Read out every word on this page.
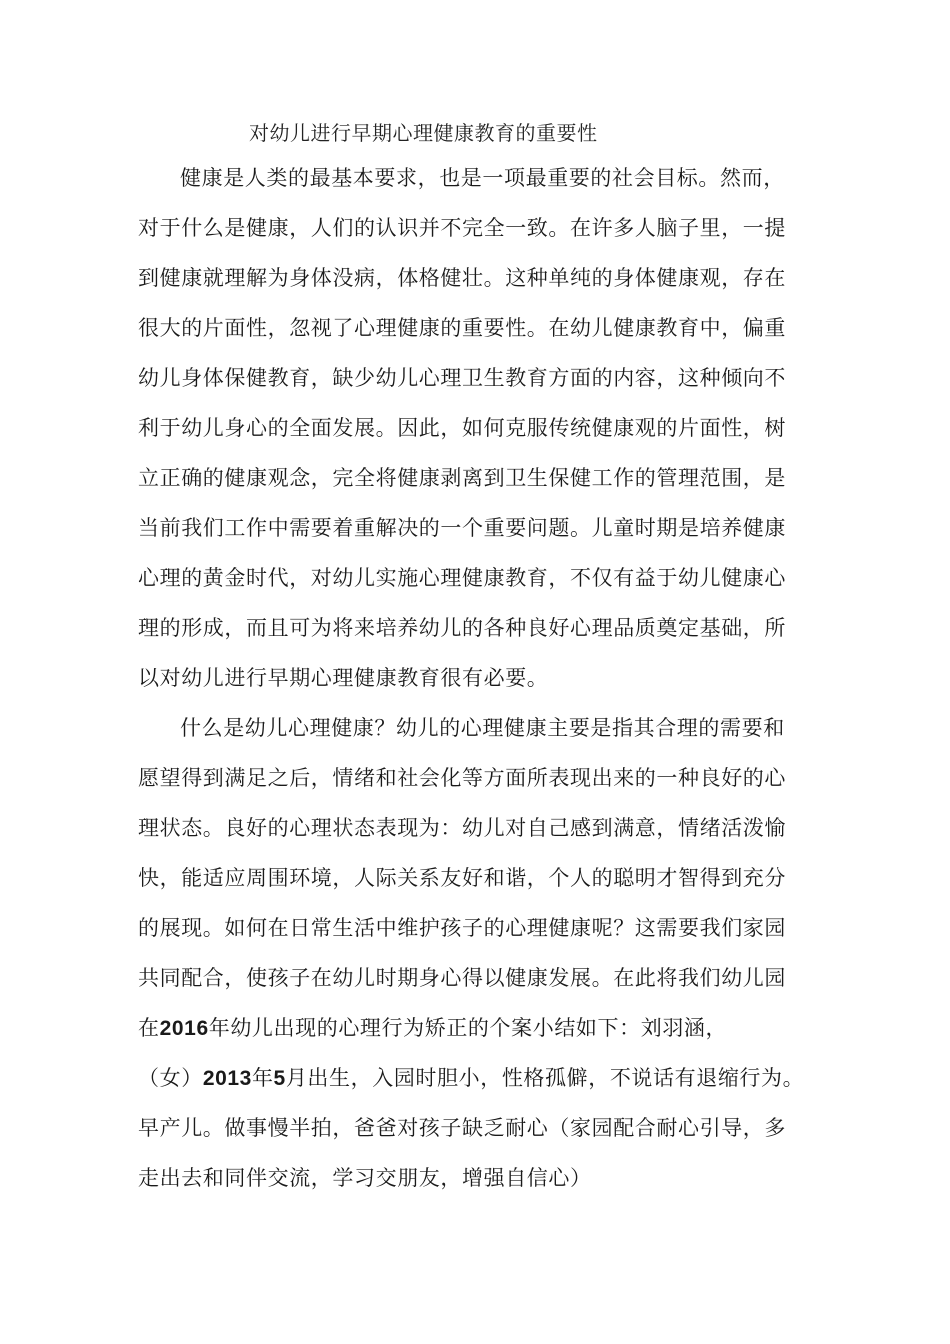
对幼儿进行早期心理健康教育的重要性
健康是人类的最基本要求，也是一项最重要的社会目标。然而，
对于什么是健康，人们的认识并不完全一致。在许多人脑子里，一提
到健康就理解为身体没病，体格健壮。这种单纯的身体健康观，存在
很大的片面性，忽视了心理健康的重要性。在幼儿健康教育中，偏重
幼儿身体保健教育，缺少幼儿心理卫生教育方面的内容，这种倾向不
利于幼儿身心的全面发展。因此，如何克服传统健康观的片面性，树
立正确的健康观念，完全将健康剥离到卫生保健工作的管理范围，是
当前我们工作中需要着重解决的一个重要问题。儿童时期是培养健康
心理的黄金时代，对幼儿实施心理健康教育，不仅有益于幼儿健康心
理的形成，而且可为将来培养幼儿的各种良好心理品质奠定基础，所
以对幼儿进行早期心理健康教育很有必要。
什么是幼儿心理健康？幼儿的心理健康主要是指其合理的需要和
愿望得到满足之后，情绪和社会化等方面所表现出来的一种良好的心
理状态。良好的心理状态表现为：幼儿对自己感到满意，情绪活泼愉
快，能适应周围环境，人际关系友好和谐，个人的聪明才智得到充分
的展现。如何在日常生活中维护孩子的心理健康呢？这需要我们家园
共同配合，使孩子在幼儿时期身心得以健康发展。在此将我们幼儿园
在2016年幼儿出现的心理行为矫正的个案小结如下：刘羽涵，
（女）2013年5月出生，入园时胆小，性格孤僻，不说话有退缩行为。
早产儿。做事慢半拍，爸爸对孩子缺乏耐心（家园配合耐心引导，多
走出去和同伴交流，学习交朋友，增强自信心）
